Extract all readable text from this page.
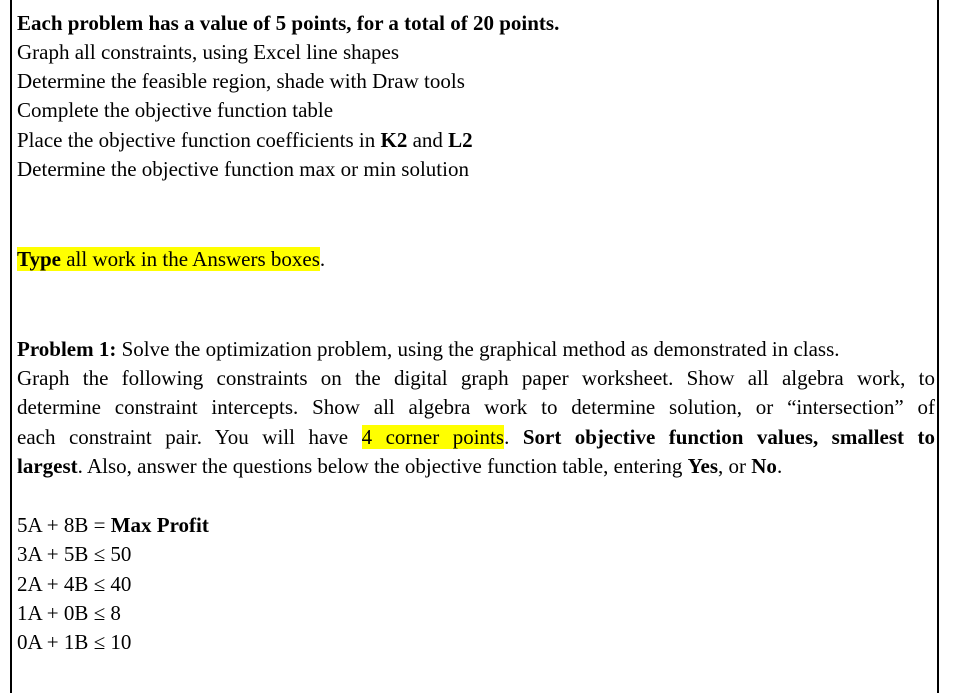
Each problem has a value of 5 points, for a total of 20 points.
Graph all constraints, using Excel line shapes
Determine the feasible region, shade with Draw tools
Complete the objective function table
Place the objective function coefficients in K2 and L2
Determine the objective function max or min solution
Type all work in the Answers boxes.
Problem 1: Solve the optimization problem, using the graphical method as demonstrated in class.
Graph the following constraints on the digital graph paper worksheet. Show all algebra work, to
determine constraint intercepts. Show all algebra work to determine solution, or “intersection” of
each constraint pair. You will have 4 corner points. Sort objective function values, smallest to
largest. Also, answer the questions below the objective function table, entering Yes, or No.
5A + 8B = Max Profit
3A + 5B ≤ 50
2A + 4B ≤ 40
1A + 0B ≤ 8
0A + 1B ≤ 10
